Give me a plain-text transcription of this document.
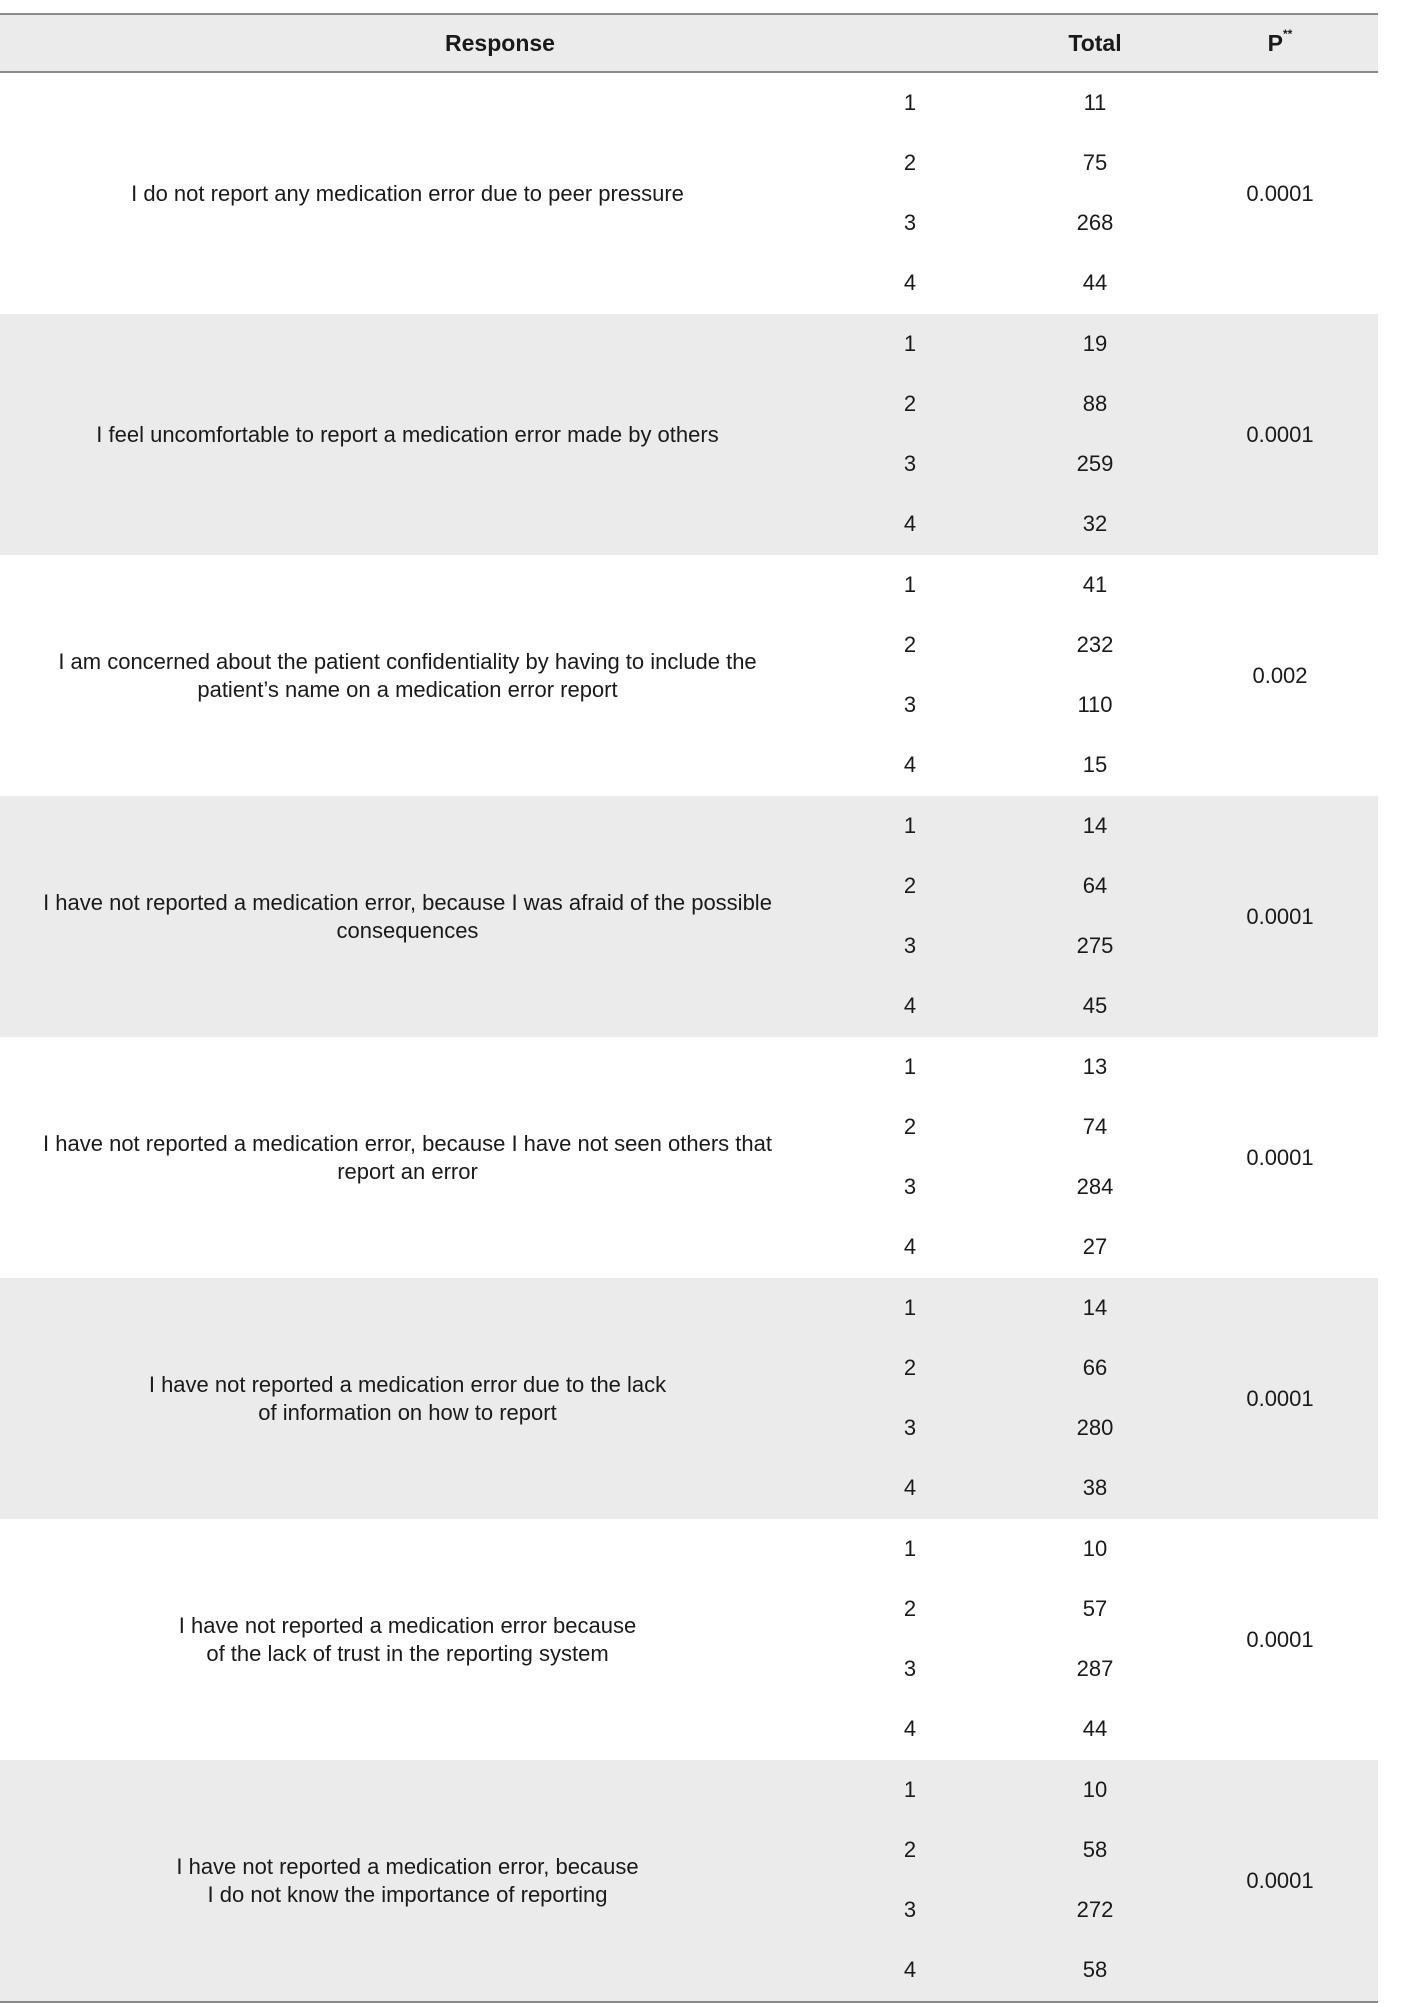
Response	Total	P**
I do not report any medication error due to peer pressure
1	11
2	75
3	268
4	44
0.0001
I feel uncomfortable to report a medication error made by others
1	19
2	88
3	259
4	32
0.0001
I am concerned about the patient confidentiality by having to include the
patient’s name on a medication error report
1	41
2	232
3	110
4	15
0.002
I have not reported a medication error, because I was afraid of the possible
consequences
1	14
2	64
3	275
4	45
0.0001
I have not reported a medication error, because I have not seen others that
report an error
1	13
2	74
3	284
4	27
0.0001
I have not reported a medication error due to the lack
of information on how to report
1	14
2	66
3	280
4	38
0.0001
I have not reported a medication error because
of the lack of trust in the reporting system
1	10
2	57
3	287
4	44
0.0001
I have not reported a medication error, because
I do not know the importance of reporting
1	10
2	58
3	272
4	58
0.0001
